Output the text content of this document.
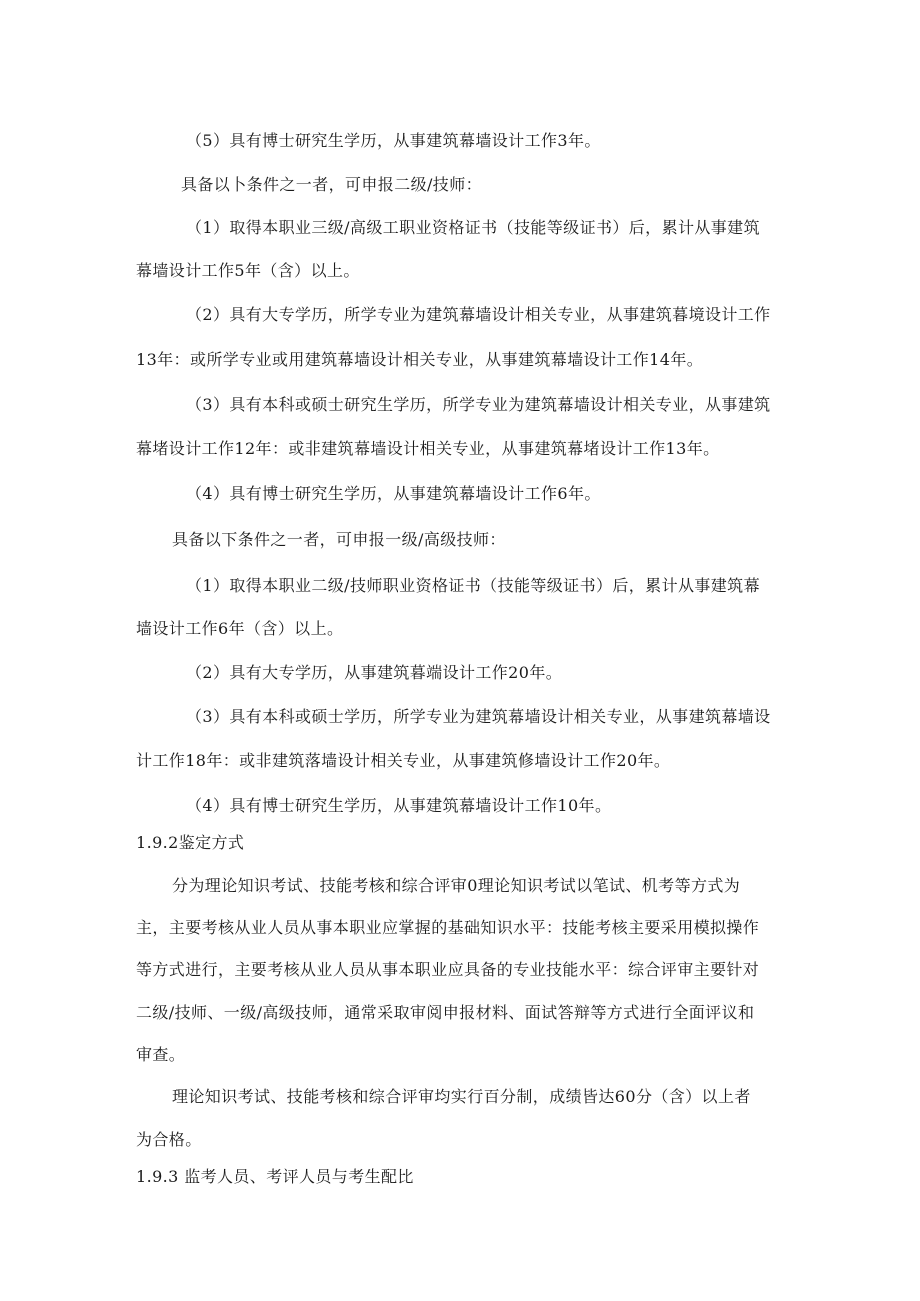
（5）具有博士研究生学历，从事建筑幕墙设计工作3年。
具备以卜条件之一者，可申报二级/技师：
（1）取得本职业三级/高级工职业资格证书（技能等级证书）后，累计从事建筑
幕墙设计工作5年（含）以上。
（2）具有大专学历，所学专业为建筑幕墙设计相关专业，从事建筑暮境设计工作
13年：或所学专业或用建筑幕墙设计相关专业，从事建筑幕墙设计工作14年。
（3）具有本科或硕士研究生学历，所学专业为建筑幕墙设计相关专业，从事建筑
幕堵设计工作12年：或非建筑幕墙设计相关专业，从事建筑幕堵设计工作13年。
（4）具有博士研究生学历，从事建筑幕墙设计工作6年。
具备以下条件之一者，可申报一级/高级技师：
（1）取得本职业二级/技师职业资格证书（技能等级证书）后，累计从事建筑幕
墙设计工作6年（含）以上。
（2）具有大专学历，从事建筑暮端设计工作20年。
（3）具有本科或硕士学历，所学专业为建筑幕墙设计相关专业，从事建筑幕墙设
计工作18年：或非建筑落墙设计相关专业，从事建筑修墙设计工作20年。
（4）具有博士研究生学历，从事建筑幕墙设计工作10年。
1.9.2鉴定方式
分为理论知识考试、技能考核和综合评审0理论知识考试以笔试、机考等方式为
主，主要考核从业人员从事本职业应掌握的基础知识水平：技能考核主要采用模拟操作
等方式进行，主要考核从业人员从事本职业应具备的专业技能水平：综合评审主要针对
二级/技师、一级/高级技师，通常采取审阅申报材料、面试答辩等方式进行全面评议和
审查。
理论知识考试、技能考核和综合评审均实行百分制，成绩皆达60分（含）以上者
为合格。
1.9.3 监考人员、考评人员与考生配比
